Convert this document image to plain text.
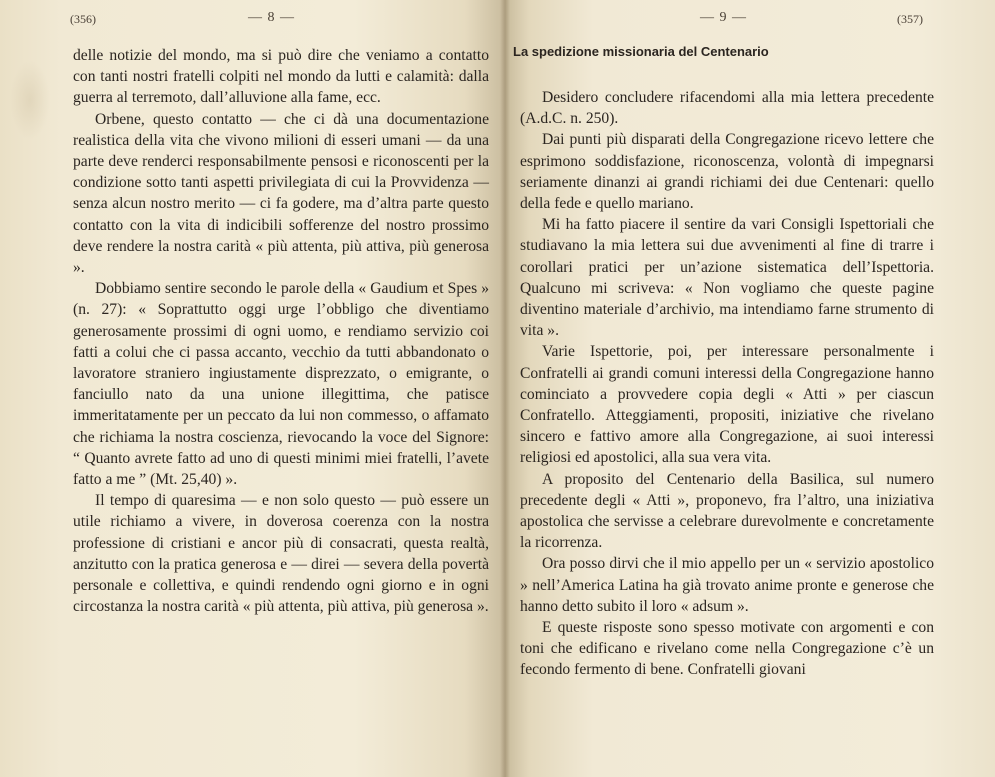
(356)	— 8 —

delle notizie del mondo, ma si può dire che veniamo a contatto con tanti nostri fratelli colpiti nel mondo da lutti e calamità: dalla guerra al terremoto, dall’alluvione alla fame, ecc.

Orbene, questo contatto — che ci dà una documentazione realistica della vita che vivono milioni di esseri umani — da una parte deve renderci responsabilmente pensosi e riconoscenti per la condizione sotto tanti aspetti privilegiata di cui la Provvidenza — senza alcun nostro merito — ci fa godere, ma d’altra parte questo contatto con la vita di indicibili sofferenze del nostro prossimo deve rendere la nostra carità « più attenta, più attiva, più generosa ».

Dobbiamo sentire secondo le parole della « Gaudium et Spes » (n. 27): « Soprattutto oggi urge l’obbligo che diventiamo generosamente prossimi di ogni uomo, e rendiamo servizio coi fatti a colui che ci passa accanto, vecchio da tutti abbandonato o lavoratore straniero ingiustamente disprezzato, o emigrante, o fanciullo nato da una unione illegittima, che patisce immeritatamente per un peccato da lui non commesso, o affamato che richiama la nostra coscienza, rievocando la voce del Signore: “ Quanto avrete fatto ad uno di questi minimi miei fratelli, l’avete fatto a me ” (Mt. 25,40) ».

Il tempo di quaresima — e non solo questo — può essere un utile richiamo a vivere, in doverosa coerenza con la nostra professione di cristiani e ancor più di consacrati, questa realtà, anzitutto con la pratica generosa e — direi — severa della povertà personale e collettiva, e quindi rendendo ogni giorno e in ogni circostanza la nostra carità « più attenta, più attiva, più generosa ».

— 9 —	(357)
La spedizione missionaria del Centenario

Desidero concludere rifacendomi alla mia lettera precedente (A.d.C. n. 250).

Dai punti più disparati della Congregazione ricevo lettere che esprimono soddisfazione, riconoscenza, volontà di impegnarsi seriamente dinanzi ai grandi richiami dei due Centenari: quello della fede e quello mariano.

Mi ha fatto piacere il sentire da vari Consigli Ispettoriali che studiavano la mia lettera sui due avvenimenti al fine di trarre i corollari pratici per un’azione sistematica dell’Ispettoria. Qualcuno mi scriveva: « Non vogliamo che queste pagine diventino materiale d’archivio, ma intendiamo farne strumento di vita ».

Varie Ispettorie, poi, per interessare personalmente i Confratelli ai grandi comuni interessi della Congregazione hanno cominciato a provvedere copia degli « Atti » per ciascun Confratello. Atteggiamenti, propositi, iniziative che rivelano sincero e fattivo amore alla Congregazione, ai suoi interessi religiosi ed apostolici, alla sua vera vita.

A proposito del Centenario della Basilica, sul numero precedente degli « Atti », proponevo, fra l’altro, una iniziativa apostolica che servisse a celebrare durevolmente e concretamente la ricorrenza.

Ora posso dirvi che il mio appello per un « servizio apostolico » nell’America Latina ha già trovato anime pronte e generose che hanno detto subito il loro « adsum ».

E queste risposte sono spesso motivate con argomenti e con toni che edificano e rivelano come nella Congregazione c’è un fecondo fermento di bene. Confratelli giovani
